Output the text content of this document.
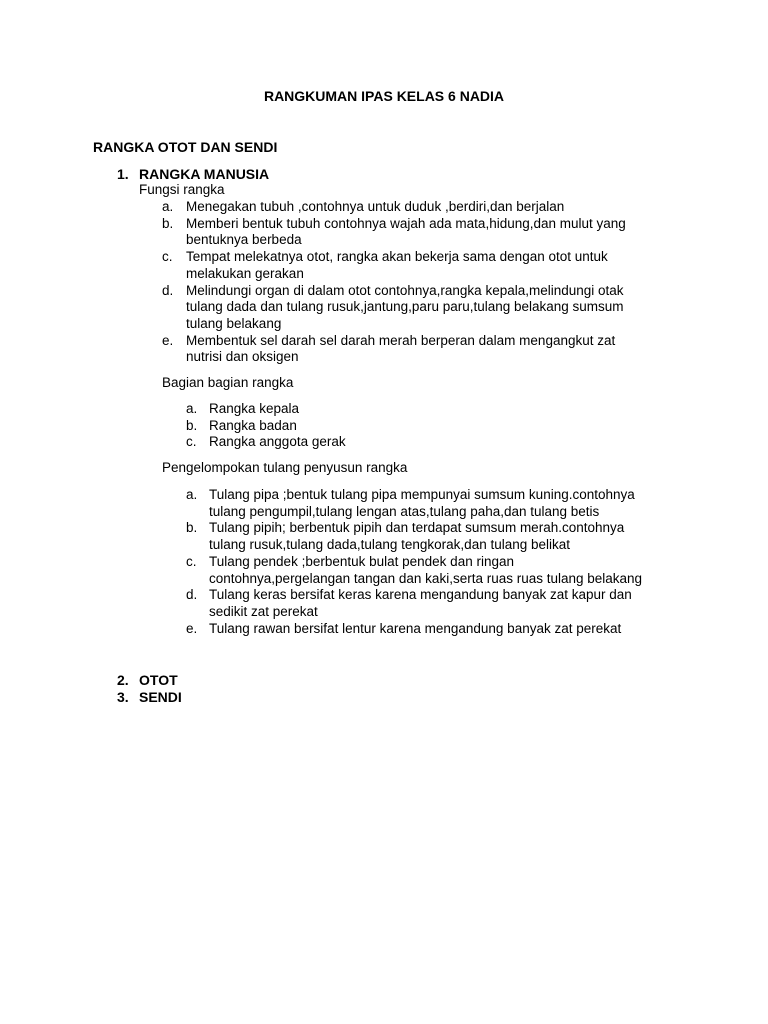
RANGKUMAN IPAS KELAS 6 NADIA
RANGKA OTOT DAN SENDI
1. RANGKA MANUSIA
Fungsi rangka
a. Menegakan tubuh ,contohnya untuk duduk ,berdiri,dan berjalan
b. Memberi bentuk tubuh contohnya wajah ada mata,hidung,dan mulut yang
bentuknya berbeda
c. Tempat melekatnya otot, rangka akan bekerja sama dengan otot untuk
melakukan gerakan
d. Melindungi organ di dalam otot contohnya,rangka kepala,melindungi otak
tulang dada dan tulang rusuk,jantung,paru paru,tulang belakang sumsum
tulang belakang
e. Membentuk sel darah sel darah merah berperan dalam mengangkut zat
nutrisi dan oksigen
Bagian bagian rangka
a. Rangka kepala
b. Rangka badan
c. Rangka anggota gerak
Pengelompokan tulang penyusun rangka
a. Tulang pipa ;bentuk tulang pipa mempunyai sumsum kuning.contohnya
tulang pengumpil,tulang lengan atas,tulang paha,dan tulang betis
b. Tulang pipih; berbentuk pipih dan terdapat sumsum merah.contohnya
tulang rusuk,tulang dada,tulang tengkorak,dan tulang belikat
c. Tulang pendek ;berbentuk bulat pendek dan ringan
contohnya,pergelangan tangan dan kaki,serta ruas ruas tulang belakang
d. Tulang keras bersifat keras karena mengandung banyak zat kapur dan
sedikit zat perekat
e. Tulang rawan bersifat lentur karena mengandung banyak zat perekat
2. OTOT
3. SENDI
